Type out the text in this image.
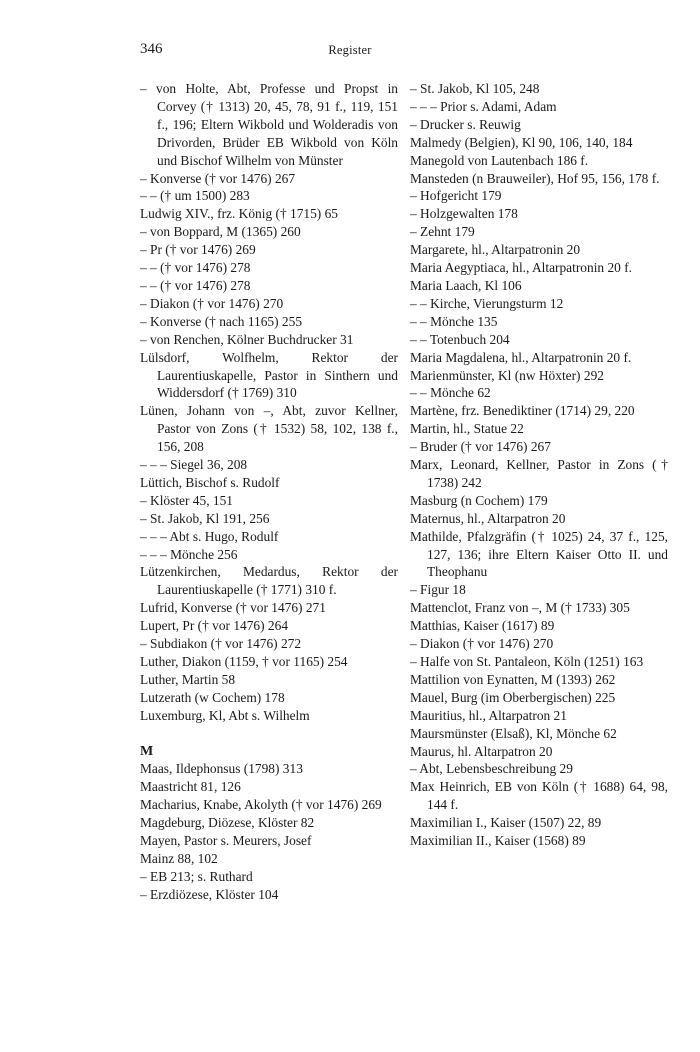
346	Register

– von Holte, Abt, Professe und Propst in Corvey († 1313) 20, 45, 78, 91 f., 119, 151 f., 196; Eltern Wikbold und Wolderadis von Drivorden, Brüder EB Wikbold von Köln und Bischof Wilhelm von Münster

– Konverse († vor 1476) 267

– – († um 1500) 283

Ludwig XIV., frz. König († 1715) 65

– von Boppard, M (1365) 260

– Pr († vor 1476) 269

– – († vor 1476) 278

– – († vor 1476) 278

– Diakon († vor 1476) 270

– Konverse († nach 1165) 255

– von Renchen, Kölner Buchdrucker 31

Lülsdorf, Wolfhelm, Rektor der Laurentiuskapelle, Pastor in Sinthern und Widdersdorf († 1769) 310

Lünen, Johann von –, Abt, zuvor Kellner, Pastor von Zons († 1532) 58, 102, 138 f., 156, 208

– – – Siegel 36, 208

Lüttich, Bischof s. Rudolf

– Klöster 45, 151

– St. Jakob, Kl 191, 256

– – – Abt s. Hugo, Rodulf

– – – Mönche 256

Lützenkirchen, Medardus, Rektor der Laurentiuskapelle († 1771) 310 f.

Lufrid, Konverse († vor 1476) 271

Lupert, Pr († vor 1476) 264

– Subdiakon († vor 1476) 272

Luther, Diakon (1159, † vor 1165) 254

Luther, Martin 58

Lutzerath (w Cochem) 178

Luxemburg, Kl, Abt s. Wilhelm

M

Maas, Ildephonsus (1798) 313

Maastricht 81, 126

Macharius, Knabe, Akolyth († vor 1476) 269

Magdeburg, Diözese, Klöster 82

Mayen, Pastor s. Meurers, Josef

Mainz 88, 102

– EB 213; s. Ruthard

– Erzdiözese, Klöster 104

– St. Jakob, Kl 105, 248

– – – Prior s. Adami, Adam

– Drucker s. Reuwig

Malmedy (Belgien), Kl 90, 106, 140, 184

Manegold von Lautenbach 186 f.

Mansteden (n Brauweiler), Hof 95, 156, 178 f.

– Hofgericht 179

– Holzgewalten 178

– Zehnt 179

Margarete, hl., Altarpatronin 20

Maria Aegyptiaca, hl., Altarpatronin 20 f.

Maria Laach, Kl 106

– – Kirche, Vierungsturm 12

– – Mönche 135

– – Totenbuch 204

Maria Magdalena, hl., Altarpatronin 20 f.

Marienmünster, Kl (nw Höxter) 292

– – Mönche 62

Martène, frz. Benediktiner (1714) 29, 220

Martin, hl., Statue 22

– Bruder († vor 1476) 267

Marx, Leonard, Kellner, Pastor in Zons († 1738) 242

Masburg (n Cochem) 179

Maternus, hl., Altarpatron 20

Mathilde, Pfalzgräfin († 1025) 24, 37 f., 125, 127, 136; ihre Eltern Kaiser Otto II. und Theophanu

– Figur 18

Mattenclot, Franz von –, M († 1733) 305

Matthias, Kaiser (1617) 89

– Diakon († vor 1476) 270

– Halfe von St. Pantaleon, Köln (1251) 163

Mattilion von Eynatten, M (1393) 262

Mauel, Burg (im Oberbergischen) 225

Mauritius, hl., Altarpatron 21

Maursmünster (Elsaß), Kl, Mönche 62

Maurus, hl. Altarpatron 20

– Abt, Lebensbeschreibung 29

Max Heinrich, EB von Köln († 1688) 64, 98, 144 f.

Maximilian I., Kaiser (1507) 22, 89

Maximilian II., Kaiser (1568) 89
